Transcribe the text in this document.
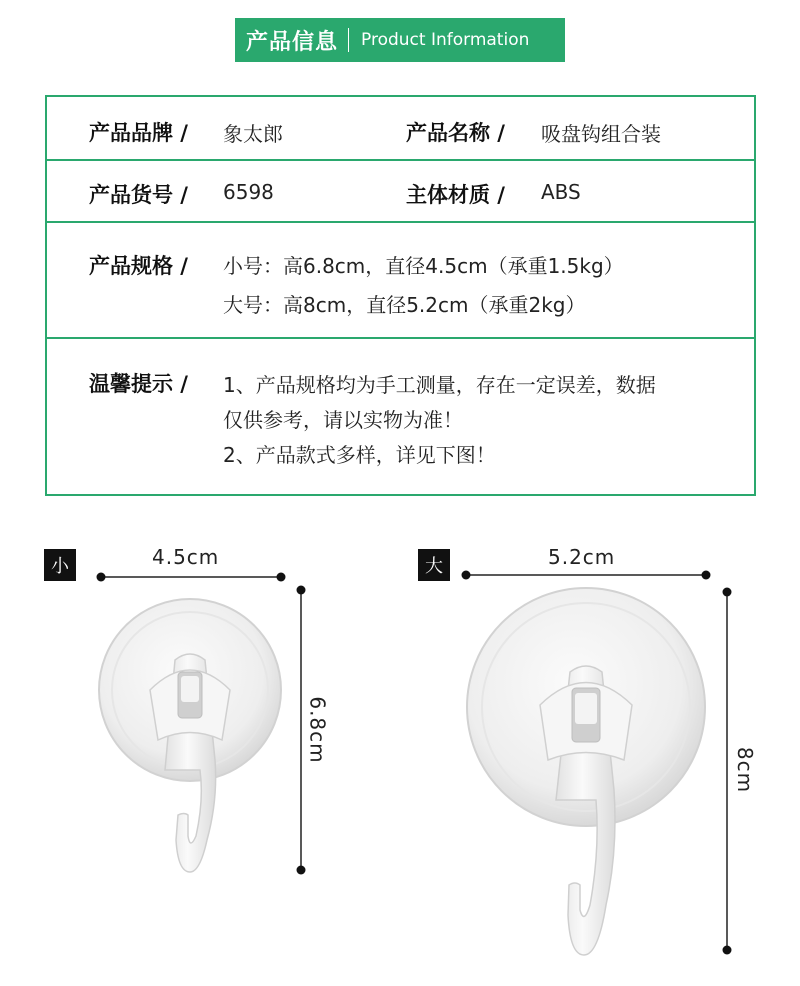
产品信息 Product Information
产品品牌 / 象太郎	产品名称 / 吸盘钩组合装
产品货号 / 6598	主体材质 / ABS
产品规格 / 小号：高6.8cm，直径4.5cm（承重1.5kg）
大号：高8cm，直径5.2cm（承重2kg）
温馨提示 / 1、产品规格均为手工测量，存在一定误差，数据
仅供参考，请以实物为准！
2、产品款式多样，详见下图！
小	大
4.5cm
6.8cm
5.2cm
8cm
